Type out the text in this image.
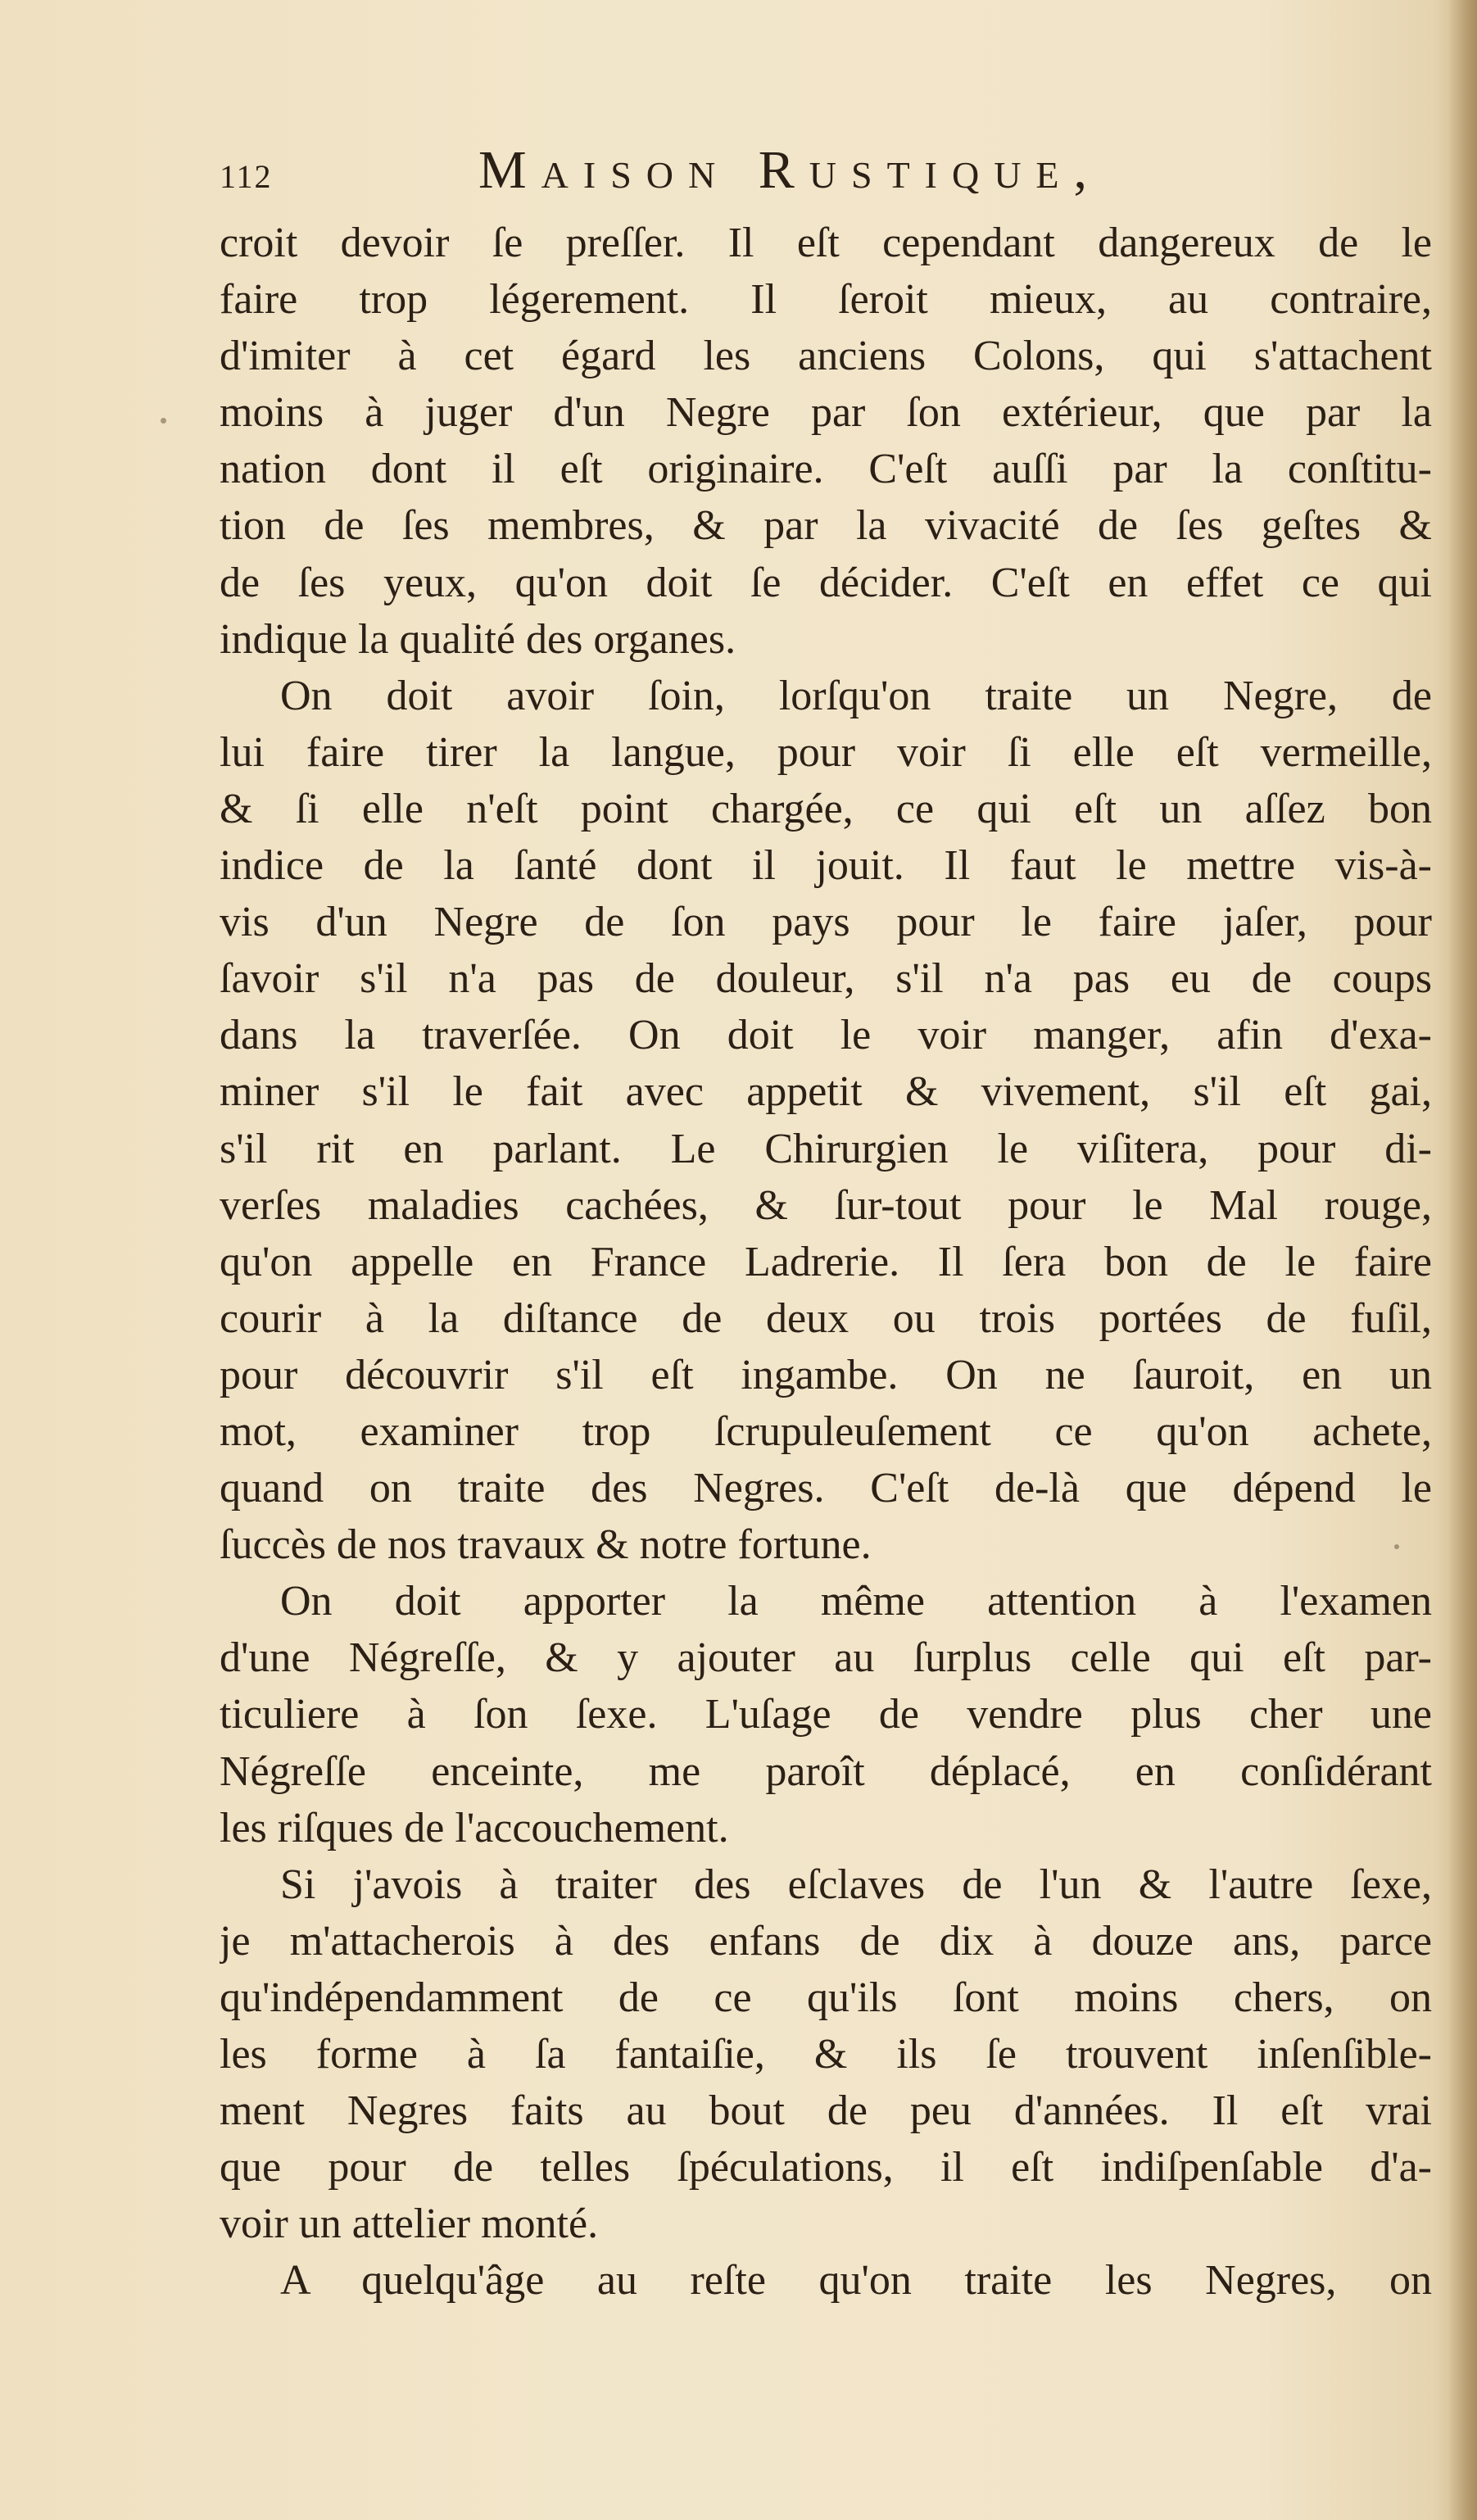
112	Maison Rustique,
croit devoir ſe preſſer. Il eſt cependant dangereux de le
faire trop légerement. Il ſeroit mieux, au contraire,
d'imiter à cet égard les anciens Colons, qui s'attachent
moins à juger d'un Negre par ſon extérieur, que par la
nation dont il eſt originaire. C'eſt auſſi par la conſtitu-
tion de ſes membres, & par la vivacité de ſes geſtes &
de ſes yeux, qu'on doit ſe décider. C'eſt en effet ce qui
indique la qualité des organes.
On doit avoir ſoin, lorſqu'on traite un Negre, de
lui faire tirer la langue, pour voir ſi elle eſt vermeille,
& ſi elle n'eſt point chargée, ce qui eſt un aſſez bon
indice de la ſanté dont il jouit. Il faut le mettre vis-à-
vis d'un Negre de ſon pays pour le faire jaſer, pour
ſavoir s'il n'a pas de douleur, s'il n'a pas eu de coups
dans la traverſée. On doit le voir manger, afin d'exa-
miner s'il le fait avec appetit & vivement, s'il eſt gai,
s'il rit en parlant. Le Chirurgien le viſitera, pour di-
verſes maladies cachées, & ſur-tout pour le Mal rouge,
qu'on appelle en France Ladrerie. Il ſera bon de le faire
courir à la diſtance de deux ou trois portées de fuſil,
pour découvrir s'il eſt ingambe. On ne ſauroit, en un
mot, examiner trop ſcrupuleuſement ce qu'on achete,
quand on traite des Negres. C'eſt de-là que dépend le
ſuccès de nos travaux & notre fortune.
On doit apporter la même attention à l'examen
d'une Négreſſe, & y ajouter au ſurplus celle qui eſt par-
ticuliere à ſon ſexe. L'uſage de vendre plus cher une
Négreſſe enceinte, me paroît déplacé, en conſidérant
les riſques de l'accouchement.
Si j'avois à traiter des eſclaves de l'un & l'autre ſexe,
je m'attacherois à des enfans de dix à douze ans, parce
qu'indépendamment de ce qu'ils ſont moins chers, on
les forme à ſa fantaiſie, & ils ſe trouvent inſenſible-
ment Negres faits au bout de peu d'années. Il eſt vrai
que pour de telles ſpéculations, il eſt indiſpenſable d'a-
voir un attelier monté.
A quelqu'âge au reſte qu'on traite les Negres, on
